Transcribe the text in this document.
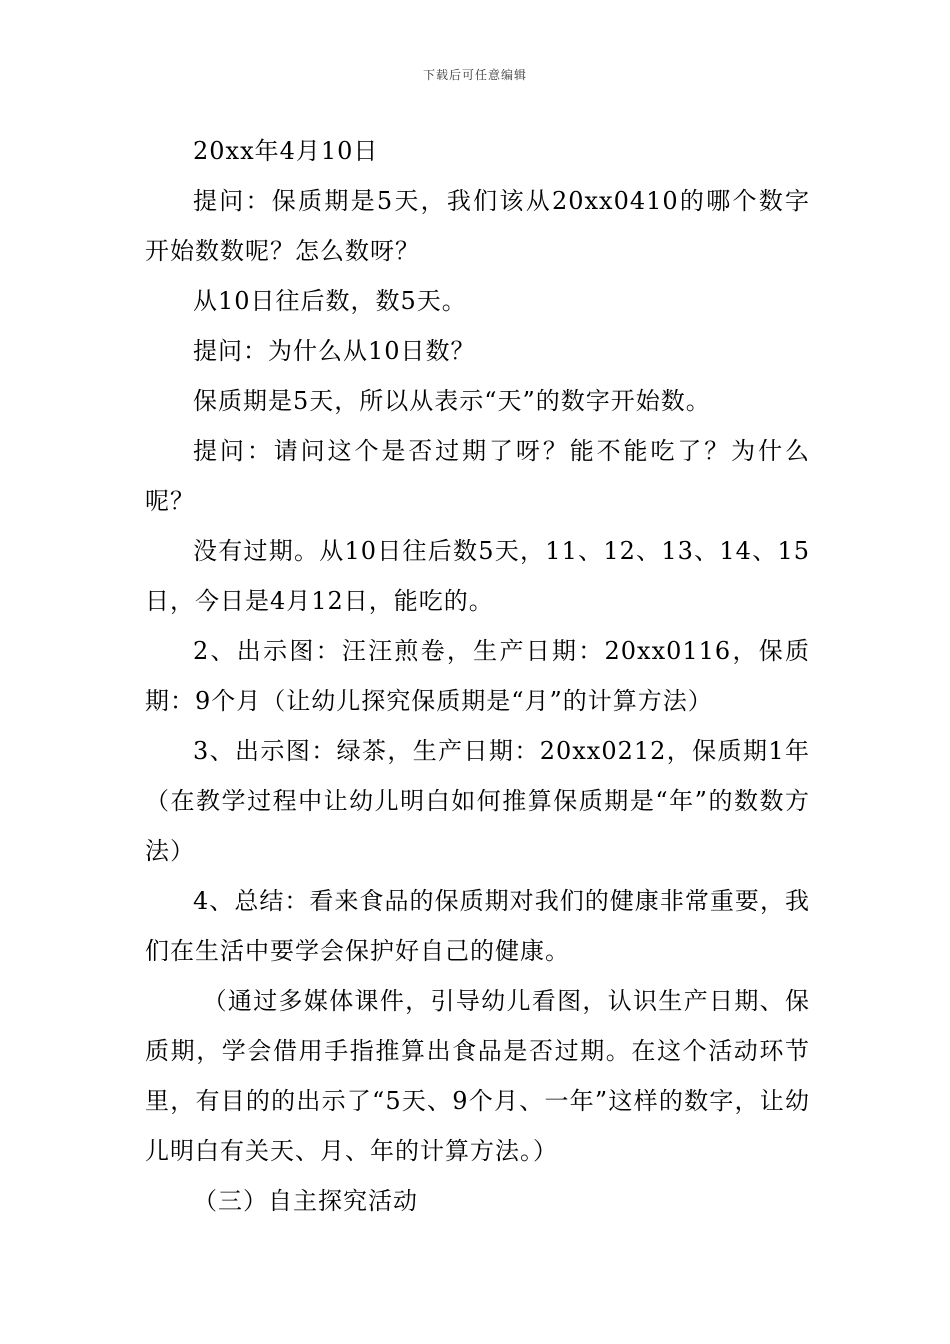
下载后可任意编辑

20xx年4月10日

提问：保质期是5天，我们该从20xx0410的哪个数字开始数数呢？怎么数呀？

从10日往后数，数5天。

提问：为什么从10日数？

保质期是5天，所以从表示“天”的数字开始数。

提问：请问这个是否过期了呀？能不能吃了？为什么呢？

没有过期。从10日往后数5天，11、12、13、14、15日，今日是4月12日，能吃的。

2、出示图：汪汪煎卷，生产日期：20xx0116，保质期：9个月（让幼儿探究保质期是“月”的计算方法）

3、出示图：绿茶，生产日期：20xx0212，保质期1年（在教学过程中让幼儿明白如何推算保质期是“年”的数数方法）

4、总结：看来食品的保质期对我们的健康非常重要，我们在生活中要学会保护好自己的健康。

（通过多媒体课件，引导幼儿看图，认识生产日期、保质期，学会借用手指推算出食品是否过期。在这个活动环节里，有目的的出示了“5天、9个月、一年”这样的数字，让幼儿明白有关天、月、年的计算方法。）

（三）自主探究活动
